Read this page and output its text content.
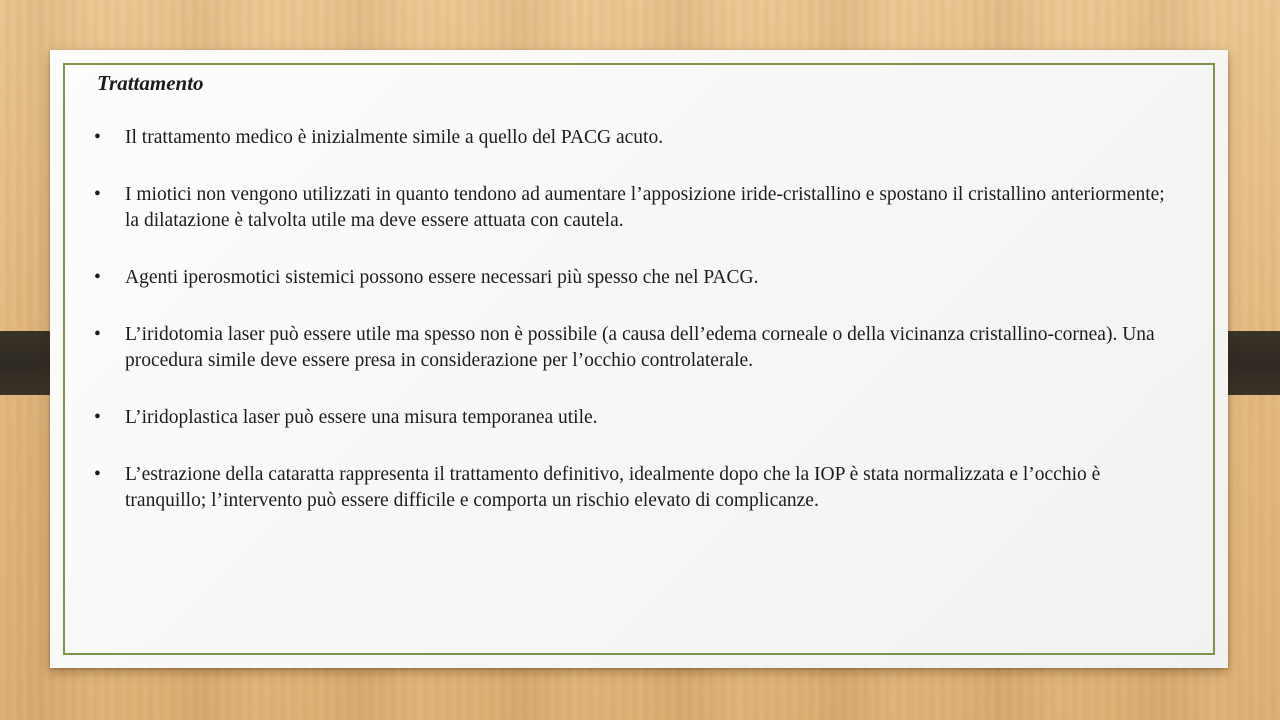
Trattamento
• Il trattamento medico è inizialmente simile a quello del PACG acuto.
• I miotici non vengono utilizzati in quanto tendono ad aumentare l’apposizione iride-cristallino e spostano il cristallino anteriormente; la dilatazione è talvolta utile ma deve essere attuata con cautela.
• Agenti iperosmotici sistemici possono essere necessari più spesso che nel PACG.
• L’iridotomia laser può essere utile ma spesso non è possibile (a causa dell’edema corneale o della vicinanza cristallino-cornea). Una procedura simile deve essere presa in considerazione per l’occhio controlaterale.
• L’iridoplastica laser può essere una misura temporanea utile.
• L’estrazione della cataratta rappresenta il trattamento definitivo, idealmente dopo che la IOP è stata normalizzata e l’occhio è tranquillo; l’intervento può essere difficile e comporta un rischio elevato di complicanze.
